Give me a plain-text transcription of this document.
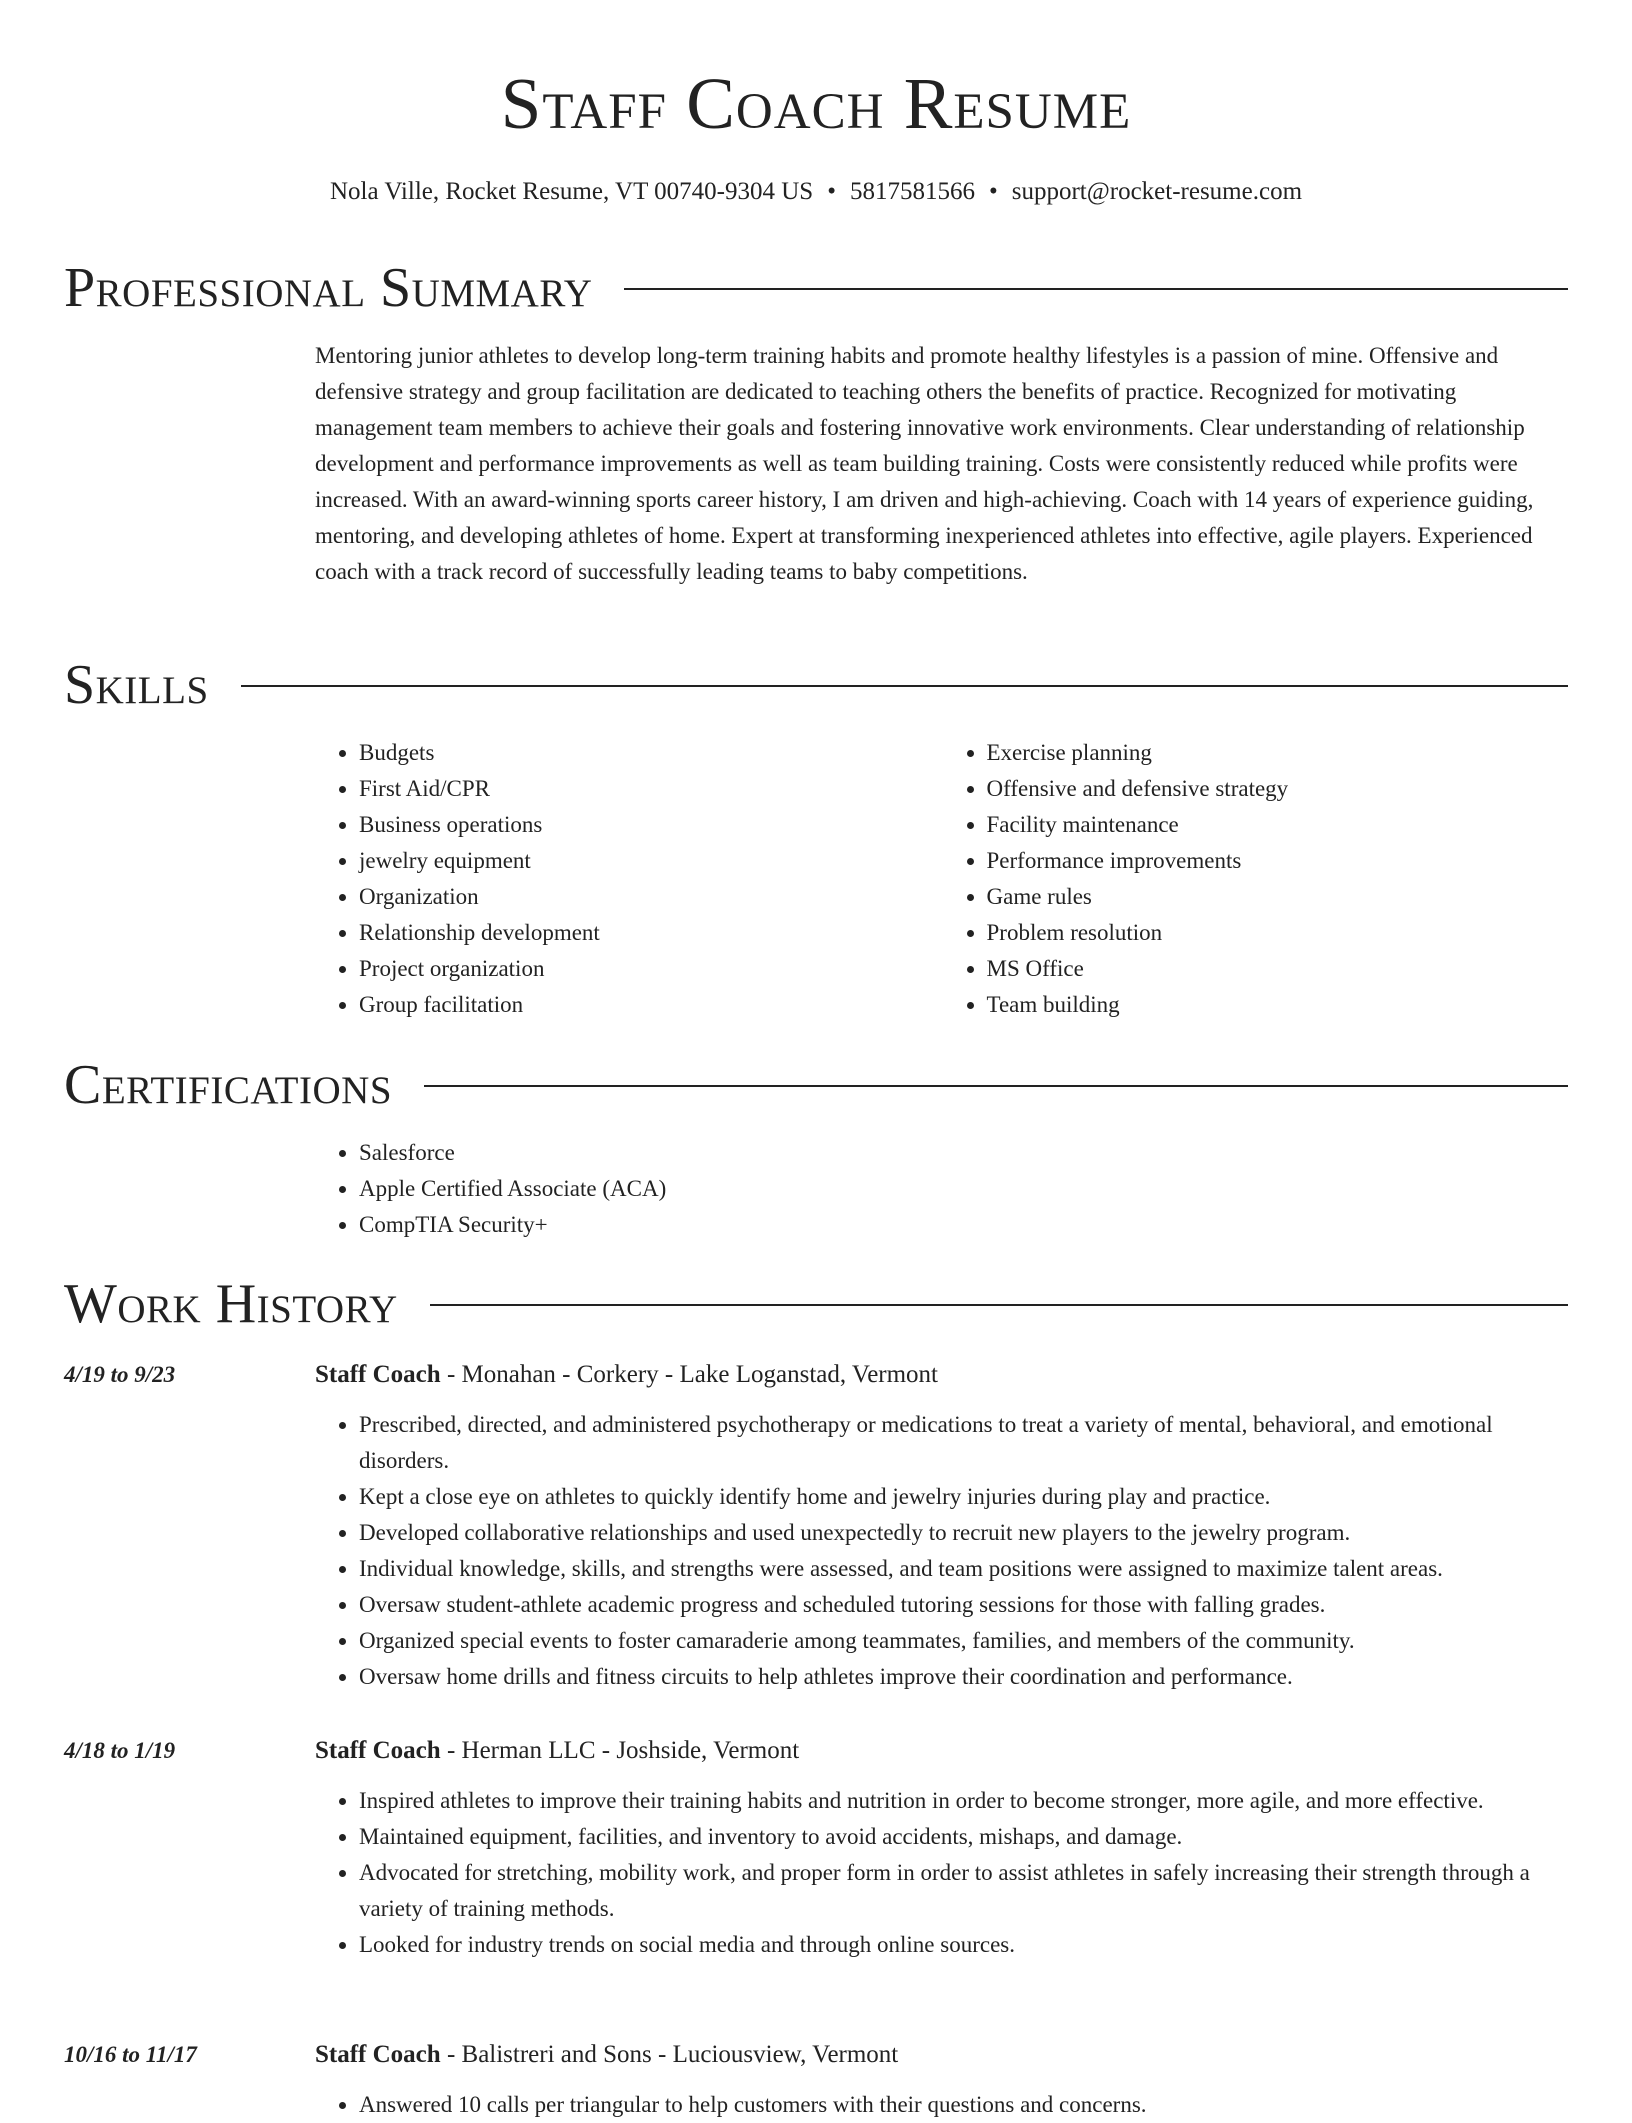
Staff Coach Resume
Nola Ville, Rocket Resume, VT 00740-9304 US • 5817581566 • support@rocket-resume.com
Professional Summary

Mentoring junior athletes to develop long-term training habits and promote healthy lifestyles is a passion of mine. Offensive and defensive strategy and group facilitation are dedicated to teaching others the benefits of practice. Recognized for motivating management team members to achieve their goals and fostering innovative work environments. Clear understanding of relationship development and performance improvements as well as team building training. Costs were consistently reduced while profits were increased. With an award-winning sports career history, I am driven and high-achieving. Coach with 14 years of experience guiding, mentoring, and developing athletes of home. Expert at transforming inexperienced athletes into effective, agile players. Experienced coach with a track record of successfully leading teams to baby competitions.

Skills
• Budgets
• First Aid/CPR
• Business operations
• jewelry equipment
• Organization
• Relationship development
• Project organization
• Group facilitation
• Exercise planning
• Offensive and defensive strategy
• Facility maintenance
• Performance improvements
• Game rules
• Problem resolution
• MS Office
• Team building
Certifications
• Salesforce
• Apple Certified Associate (ACA)
• CompTIA Security+
Work History
4/19 to 9/23	Staff Coach - Monahan - Corkery - Lake Loganstad, Vermont
• Prescribed, directed, and administered psychotherapy or medications to treat a variety of mental, behavioral, and emotional disorders.
• Kept a close eye on athletes to quickly identify home and jewelry injuries during play and practice.
• Developed collaborative relationships and used unexpectedly to recruit new players to the jewelry program.
• Individual knowledge, skills, and strengths were assessed, and team positions were assigned to maximize talent areas.
• Oversaw student-athlete academic progress and scheduled tutoring sessions for those with falling grades.
• Organized special events to foster camaraderie among teammates, families, and members of the community.
• Oversaw home drills and fitness circuits to help athletes improve their coordination and performance.
4/18 to 1/19	Staff Coach - Herman LLC - Joshside, Vermont
• Inspired athletes to improve their training habits and nutrition in order to become stronger, more agile, and more effective.
• Maintained equipment, facilities, and inventory to avoid accidents, mishaps, and damage.
• Advocated for stretching, mobility work, and proper form in order to assist athletes in safely increasing their strength through a variety of training methods.
• Looked for industry trends on social media and through online sources.
10/16 to 11/17	Staff Coach - Balistreri and Sons - Luciousview, Vermont
• Answered 10 calls per triangular to help customers with their questions and concerns.
